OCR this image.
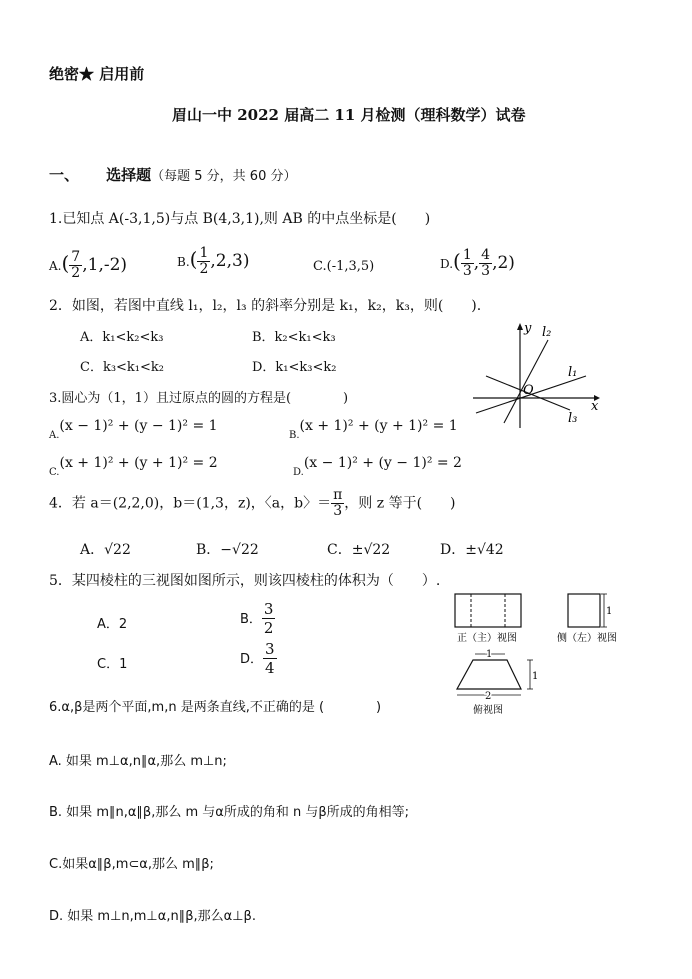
绝密★ 启用前
眉山一中 2022 届高二 11 月检测（理科数学）试卷
一、 选择题（每题 5 分，共 60 分）
1.已知点 A(-3,1,5)与点 B(4,3,1),则 AB 的中点坐标是(　　)
$A.( \frac{7}{2} ,1,-2)$	$B.( \frac{1}{2} ,2,3)$	C.(-1,3,5)	$D.( \frac{1}{3}$ , $\frac{4}{3} ,2$)
2．如图，若图中直线 l₁，l₂，l₃ 的斜率分别是 k₁，k₂，k₃，则(　　).
A．k₁<k₂<k₃	B．k₂<k₁<k₃
C．k₃<k₁<k₂	D．k₁<k₃<k₂
y
x
O
l₂
l₁
l₃
3.圆心为（1，1）且过原点的圆的方程是(　　　　)
$_{A.}$(x − 1)² + (y − 1)² = 1
$_{B.}$(x + 1)² + (y + 1)² = 1
$_{C.}$(x + 1)² + (y + 1)² = 2
$_{D.}$(x − 1)² + (y − 1)² = 2
4．若 a＝(2,2,0)，b＝(1,3，z)，〈a，b〉＝ $\frac{\pi}{3}$ ，则 z 等于(　　)
A．√22	B．−√22	C．±√22	D．±√42
5．某四棱柱的三视图如图所示，则该四棱柱的体积为（　　）.
A．2	B． $\frac{3}{2}$
C．1	D． $\frac{3}{4}$
正（主）视图
1
侧（左）视图
1
1
2
俯视图
6.α,β是两个平面,m,n 是两条直线,不正确的是 (　　　　)
A. 如果 m⊥α,n∥α,那么 m⊥n;
B. 如果 m∥n,α∥β,那么 m 与α所成的角和 n 与β所成的角相等;
C.如果α∥β,m⊂α,那么 m∥β;
D. 如果 m⊥n,m⊥α,n∥β,那么α⊥β.
